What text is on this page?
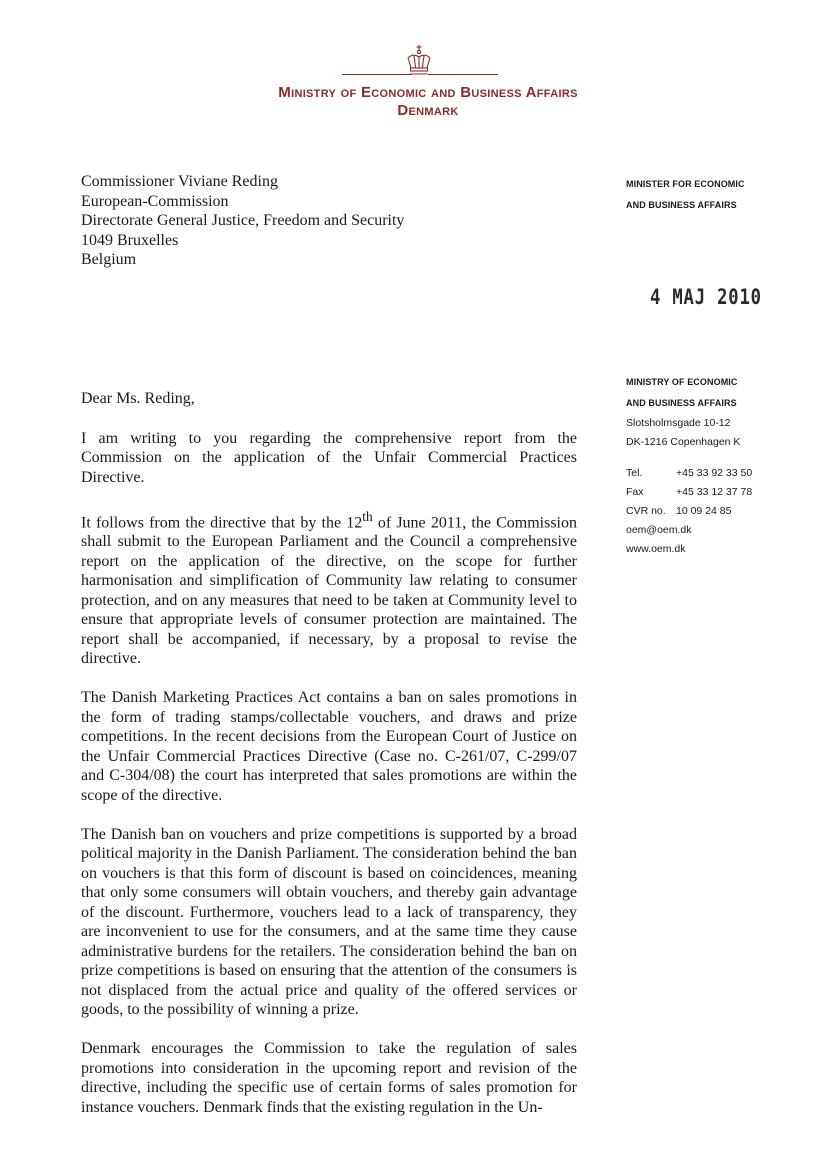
Ministry of Economic and Business Affairs
Denmark
Commissioner Viviane Reding
European-Commission
Directorate General Justice, Freedom and Security
1049 Bruxelles
Belgium
MINISTER FOR ECONOMIC
AND BUSINESS AFFAIRS
4 MAJ 2010
MINISTRY OF ECONOMIC
AND BUSINESS AFFAIRS
Slotsholmsgade 10-12
DK-1216 Copenhagen K
Tel.	+45 33 92 33 50
Fax	+45 33 12 37 78
CVR no. 10 09 24 85
oem@oem.dk
www.oem.dk

Dear Ms. Reding,

I am writing to you regarding the comprehensive report from the Commission on the application of the Unfair Commercial Practices Directive.

It follows from the directive that by the 12th of June 2011, the Commission shall submit to the European Parliament and the Council a comprehensive report on the application of the directive, on the scope for further harmonisation and simplification of Community law relating to consumer protection, and on any measures that need to be taken at Community level to ensure that appropriate levels of consumer protection are maintained. The report shall be accompanied, if necessary, by a proposal to revise the directive.

The Danish Marketing Practices Act contains a ban on sales promotions in the form of trading stamps/collectable vouchers, and draws and prize competitions. In the recent decisions from the European Court of Justice on the Unfair Commercial Practices Directive (Case no. C-261/07, C-299/07 and C-304/08) the court has interpreted that sales promotions are within the scope of the directive.

The Danish ban on vouchers and prize competitions is supported by a broad political majority in the Danish Parliament. The consideration behind the ban on vouchers is that this form of discount is based on coincidences, meaning that only some consumers will obtain vouchers, and thereby gain advantage of the discount. Furthermore, vouchers lead to a lack of transparency, they are inconvenient to use for the consumers, and at the same time they cause administrative burdens for the retailers. The consideration behind the ban on prize competitions is based on ensuring that the attention of the consumers is not displaced from the actual price and quality of the offered services or goods, to the possibility of winning a prize.

Denmark encourages the Commission to take the regulation of sales promotions into consideration in the upcoming report and revision of the directive, including the specific use of certain forms of sales promotion for instance vouchers. Denmark finds that the existing regulation in the Un-
